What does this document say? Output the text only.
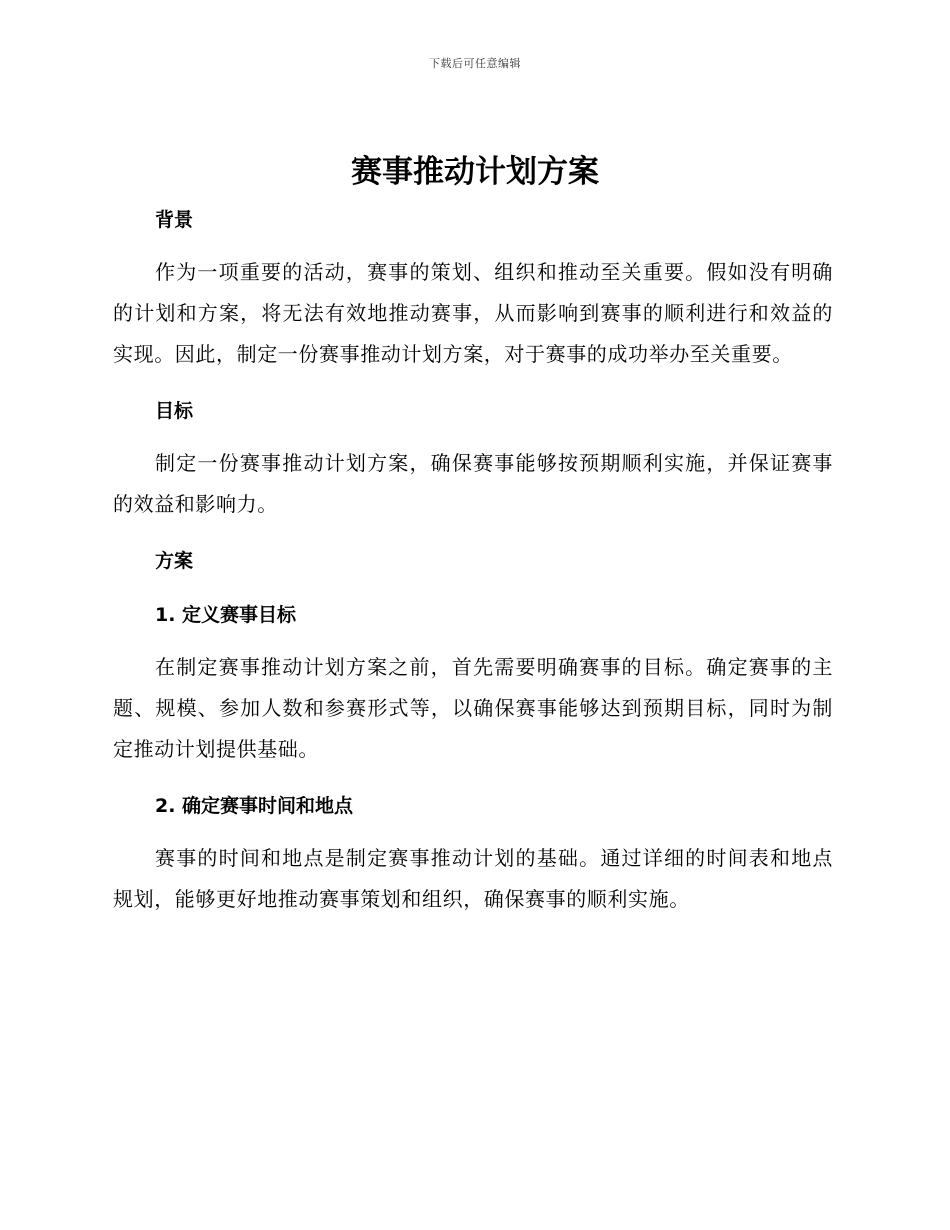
下载后可任意编辑
赛事推动计划方案
背景

作为一项重要的活动，赛事的策划、组织和推动至关重要。假如没有明确的计划和方案，将无法有效地推动赛事，从而影响到赛事的顺利进行和效益的实现。因此，制定一份赛事推动计划方案，对于赛事的成功举办至关重要。

目标

制定一份赛事推动计划方案，确保赛事能够按预期顺利实施，并保证赛事的效益和影响力。

方案
1. 定义赛事目标

在制定赛事推动计划方案之前，首先需要明确赛事的目标。确定赛事的主题、规模、参加人数和参赛形式等，以确保赛事能够达到预期目标，同时为制定推动计划提供基础。

2. 确定赛事时间和地点

赛事的时间和地点是制定赛事推动计划的基础。通过详细的时间表和地点规划，能够更好地推动赛事策划和组织，确保赛事的顺利实施。
